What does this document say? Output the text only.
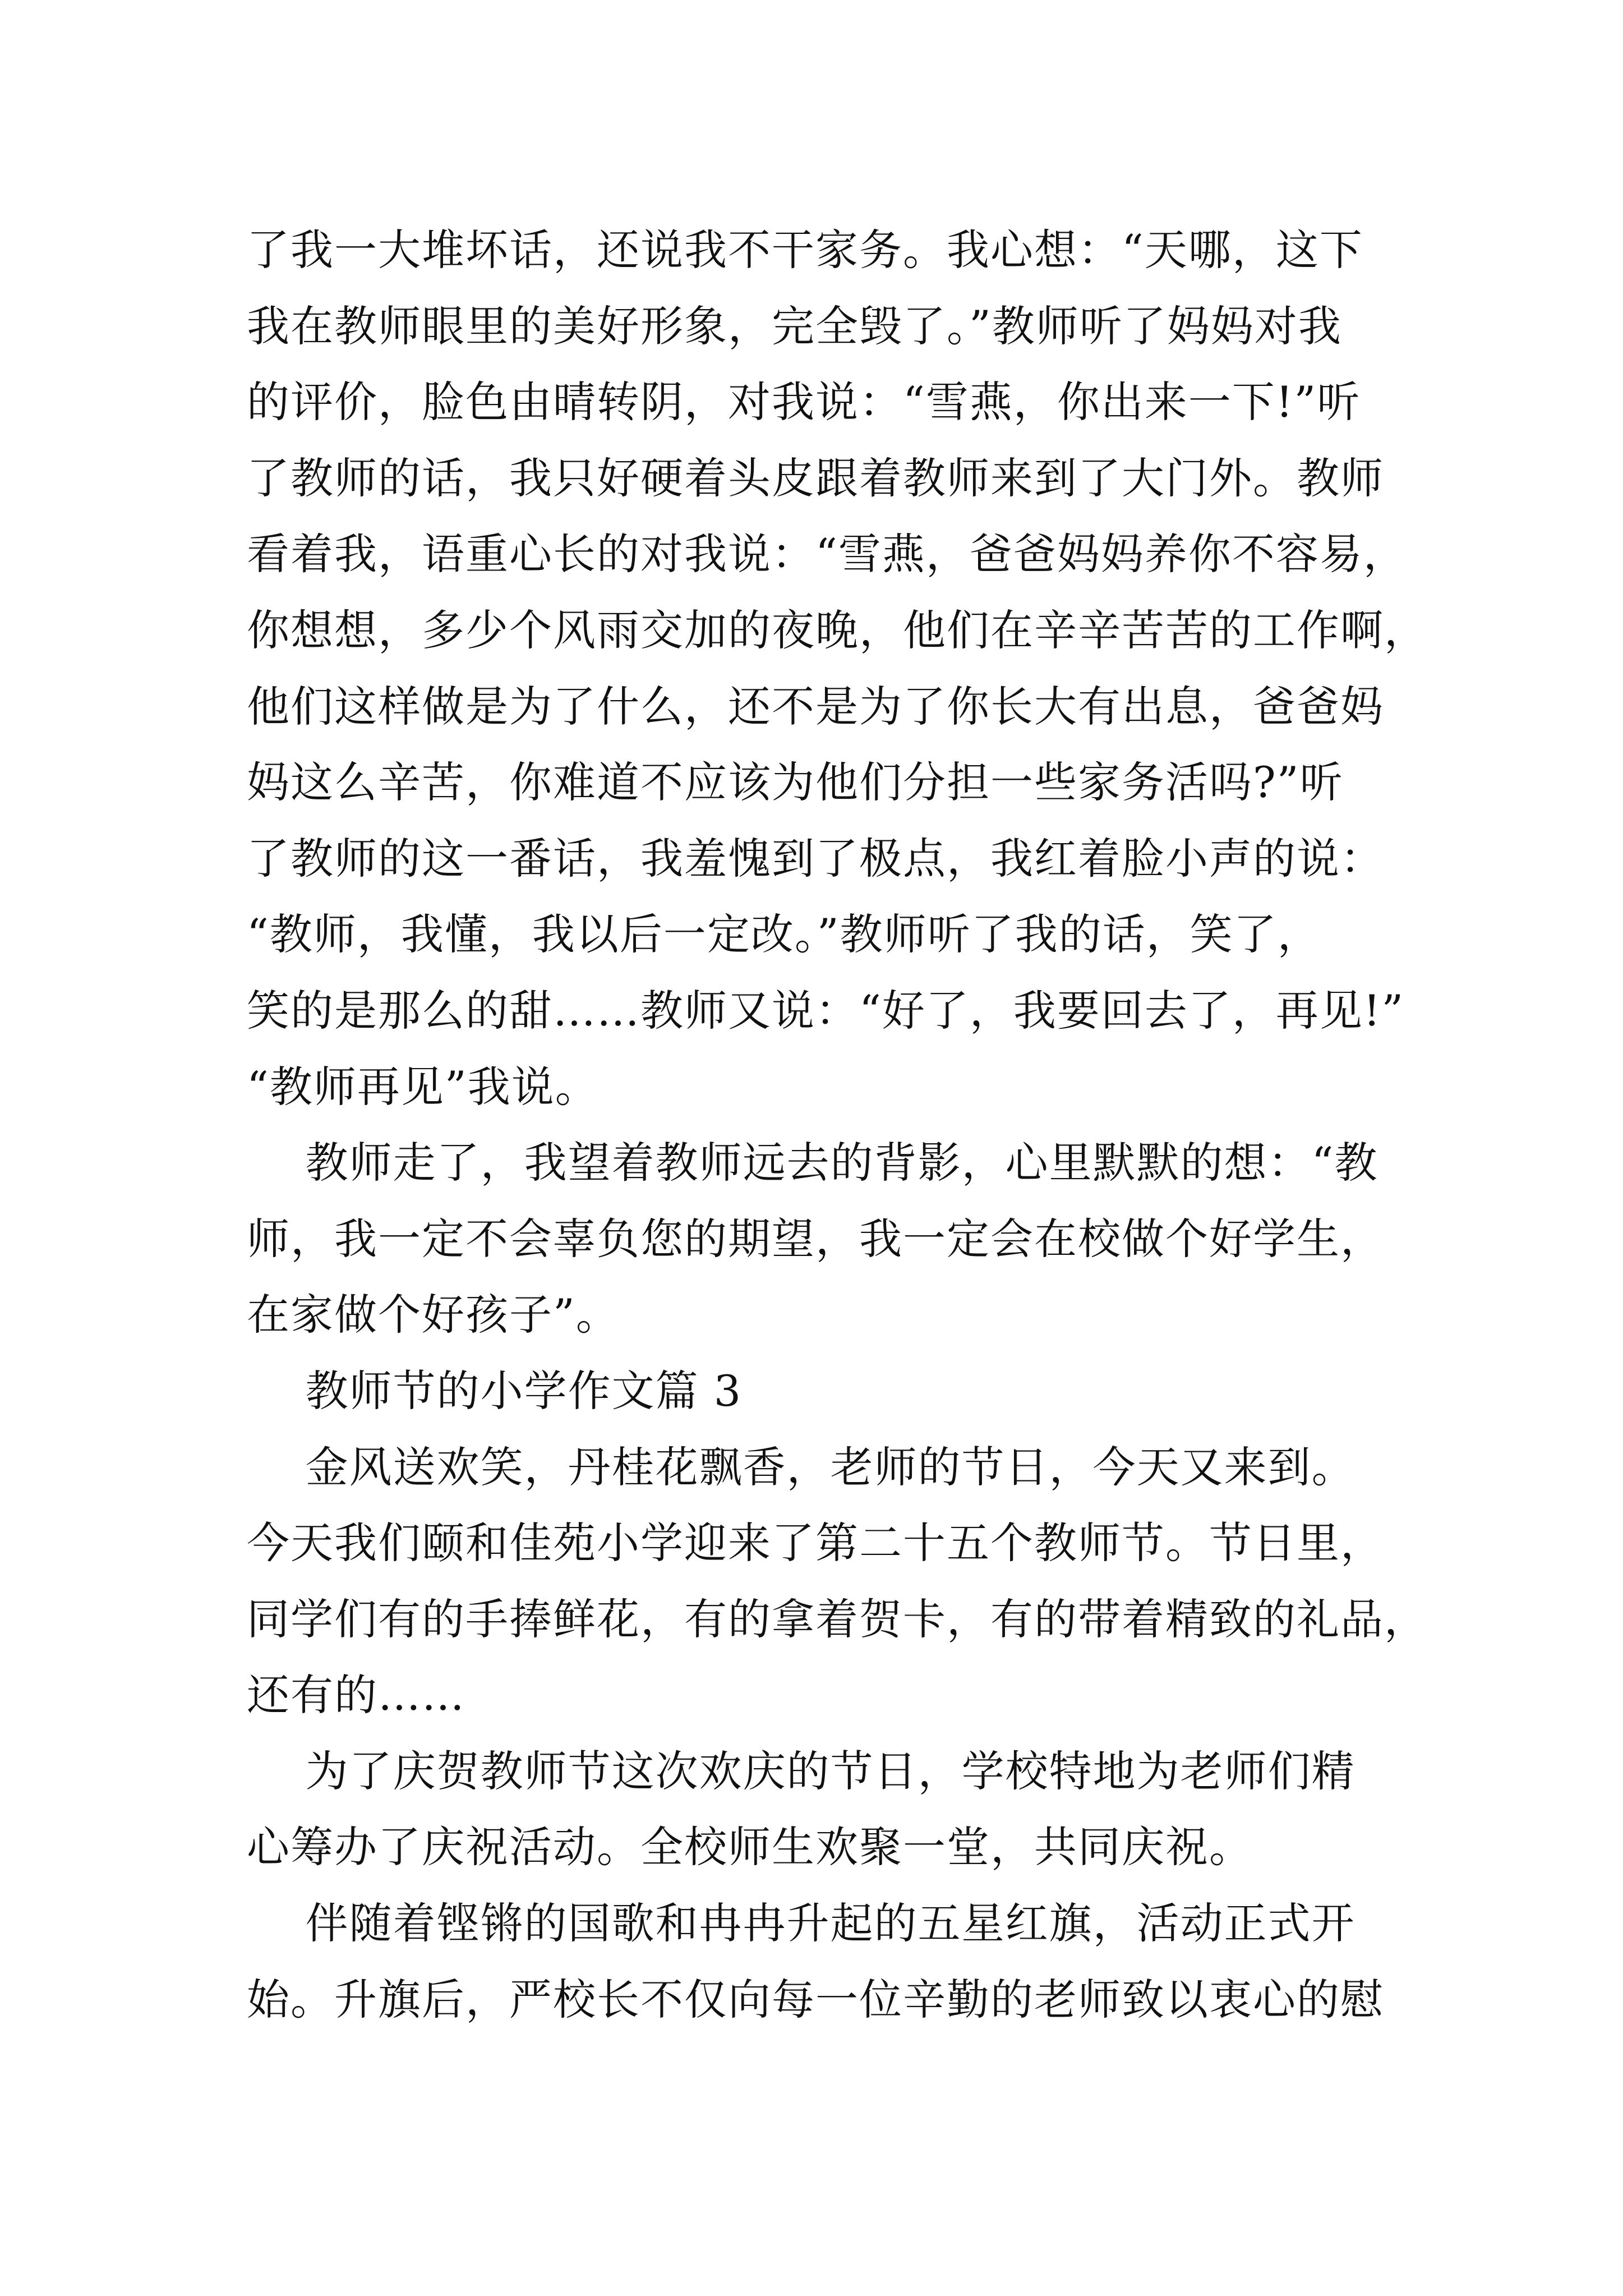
了我一大堆坏话，还说我不干家务。我心想：“天哪，这下
我在教师眼里的美好形象，完全毁了。”教师听了妈妈对我
的评价，脸色由晴转阴，对我说：“雪燕，你出来一下!”听
了教师的话，我只好硬着头皮跟着教师来到了大门外。教师
看着我，语重心长的对我说：“雪燕，爸爸妈妈养你不容易，
你想想，多少个风雨交加的夜晚，他们在辛辛苦苦的工作啊，
他们这样做是为了什么，还不是为了你长大有出息，爸爸妈
妈这么辛苦，你难道不应该为他们分担一些家务活吗?”听
了教师的这一番话，我羞愧到了极点，我红着脸小声的说：
“教师，我懂，我以后一定改。”教师听了我的话，笑了，
笑的是那么的甜……教师又说：“好了，我要回去了，再见!”
“教师再见”我说。
教师走了，我望着教师远去的背影，心里默默的想：“教
师，我一定不会辜负您的期望，我一定会在校做个好学生，
在家做个好孩子”。
教师节的小学作文篇 3
金风送欢笑，丹桂花飘香，老师的节日，今天又来到。
今天我们颐和佳苑小学迎来了第二十五个教师节。节日里，
同学们有的手捧鲜花，有的拿着贺卡，有的带着精致的礼品，
还有的……
为了庆贺教师节这次欢庆的节日，学校特地为老师们精
心筹办了庆祝活动。全校师生欢聚一堂，共同庆祝。
伴随着铿锵的国歌和冉冉升起的五星红旗，活动正式开
始。升旗后，严校长不仅向每一位辛勤的老师致以衷心的慰
